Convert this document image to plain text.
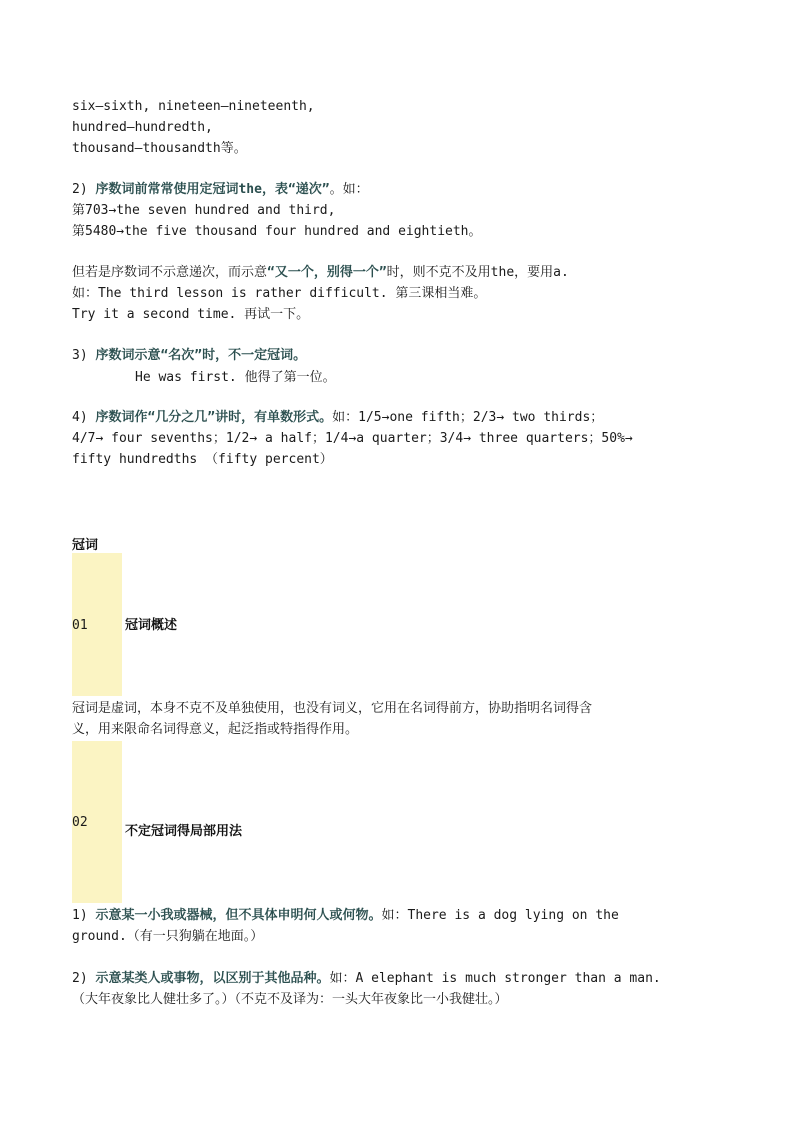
six—sixth, nineteen—nineteenth,
hundred—hundredth,
thousand—thousandth等。
2) 序数词前常常使用定冠词the，表“递次”。如：
第703→the seven hundred and third,
第5480→the five thousand four hundred and eightieth。
但若是序数词不示意递次，而示意“又一个，别得一个”时，则不克不及用the，要用a.
如：The third lesson is rather difficult. 第三课相当难。
Try it a second time. 再试一下。
3) 序数词示意“名次”时，不一定冠词。
He was first. 他得了第一位。
4) 序数词作“几分之几”讲时，有单数形式。如：1/5→one fifth；2/3→ two thirds；
4/7→ four sevenths；1/2→ a half；1/4→a quarter；3/4→ three quarters；50%→
fifty hundredths （fifty percent）
冠词
01	冠词概述
冠词是虚词，本身不克不及单独使用，也没有词义，它用在名词得前方，协助指明名词得含
义，用来限命名词得意义，起泛指或特指得作用。
02
不定冠词得局部用法
1) 示意某一小我或器械，但不具体申明何人或何物。如：There is a dog lying on the
ground.（有一只狗躺在地面。）
2) 示意某类人或事物，以区别于其他品种。如：A elephant is much stronger than a man.
（大年夜象比人健壮多了。）（不克不及译为：一头大年夜象比一小我健壮。）
